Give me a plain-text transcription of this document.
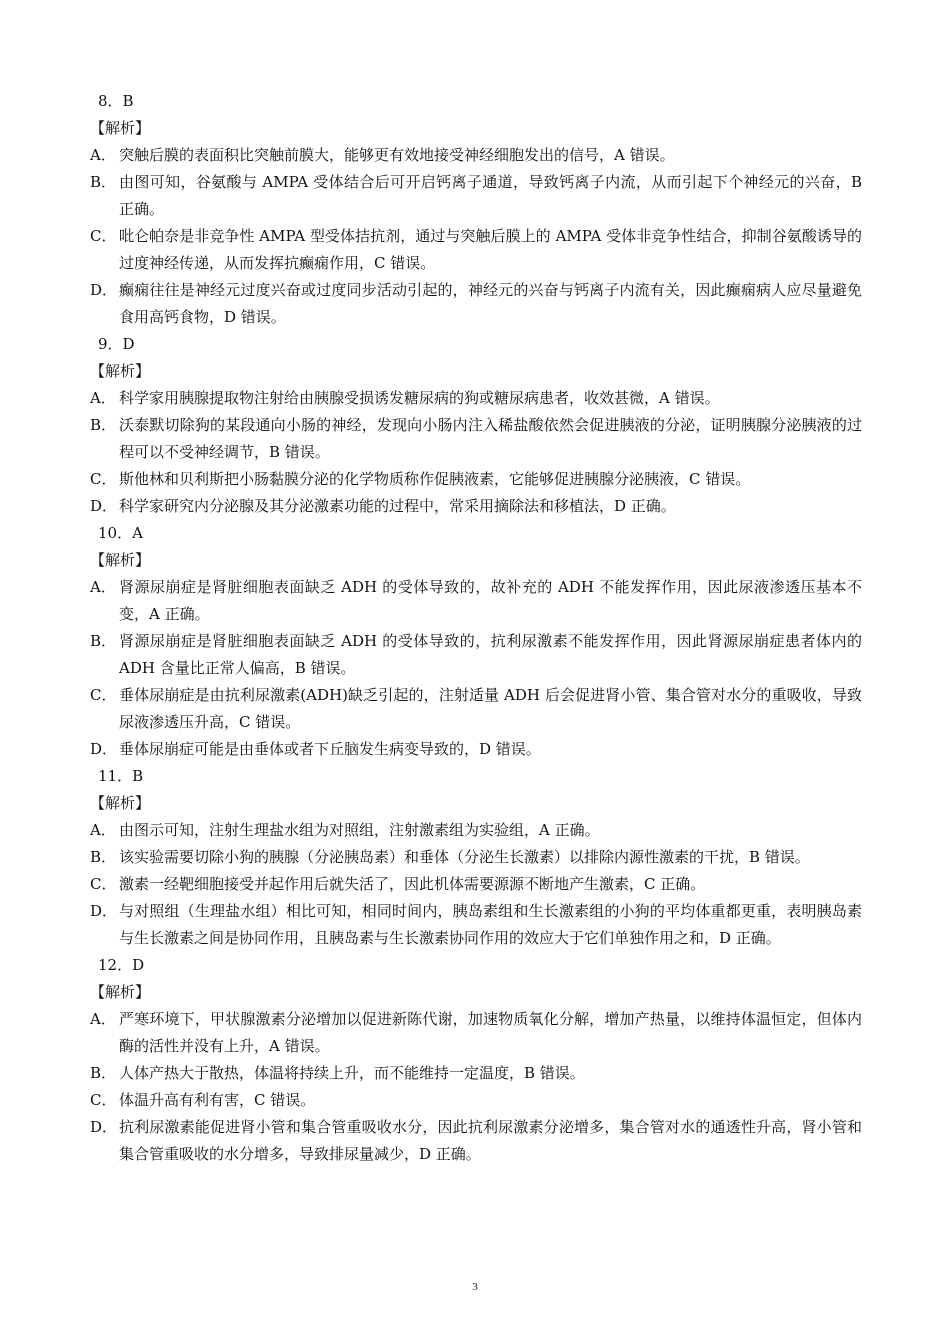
8．B
【解析】
A． 突触后膜的表面积比突触前膜大，能够更有效地接受神经细胞发出的信号，A 错误。
B． 由图可知，谷氨酸与 AMPA 受体结合后可开启钙离子通道，导致钙离子内流，从而引起下个神经元的兴奋，B 正确。
C． 吡仑帕奈是非竞争性 AMPA 型受体拮抗剂，通过与突触后膜上的 AMPA 受体非竞争性结合，抑制谷氨酸诱导的过度神经传递，从而发挥抗癫痫作用，C 错误。
D． 癫痫往往是神经元过度兴奋或过度同步活动引起的，神经元的兴奋与钙离子内流有关，因此癫痫病人应尽量避免食用高钙食物，D 错误。
9．D
【解析】
A． 科学家用胰腺提取物注射给由胰腺受损诱发糖尿病的狗或糖尿病患者，收效甚微，A 错误。
B． 沃泰默切除狗的某段通向小肠的神经，发现向小肠内注入稀盐酸依然会促进胰液的分泌，证明胰腺分泌胰液的过程可以不受神经调节，B 错误。
C． 斯他林和贝利斯把小肠黏膜分泌的化学物质称作促胰液素，它能够促进胰腺分泌胰液，C 错误。
D． 科学家研究内分泌腺及其分泌激素功能的过程中，常采用摘除法和移植法，D 正确。
10．A
【解析】
A． 肾源尿崩症是肾脏细胞表面缺乏 ADH 的受体导致的，故补充的 ADH 不能发挥作用，因此尿液渗透压基本不变，A 正确。
B． 肾源尿崩症是肾脏细胞表面缺乏 ADH 的受体导致的，抗利尿激素不能发挥作用，因此肾源尿崩症患者体内的 ADH 含量比正常人偏高，B 错误。
C． 垂体尿崩症是由抗利尿激素(ADH)缺乏引起的，注射适量 ADH 后会促进肾小管、集合管对水分的重吸收，导致尿液渗透压升高，C 错误。
D． 垂体尿崩症可能是由垂体或者下丘脑发生病变导致的，D 错误。
11．B
【解析】
A． 由图示可知，注射生理盐水组为对照组，注射激素组为实验组，A 正确。
B． 该实验需要切除小狗的胰腺（分泌胰岛素）和垂体（分泌生长激素）以排除内源性激素的干扰，B 错误。
C． 激素一经靶细胞接受并起作用后就失活了，因此机体需要源源不断地产生激素，C 正确。
D． 与对照组（生理盐水组）相比可知，相同时间内，胰岛素组和生长激素组的小狗的平均体重都更重，表明胰岛素与生长激素之间是协同作用，且胰岛素与生长激素协同作用的效应大于它们单独作用之和，D 正确。
12．D
【解析】
A． 严寒环境下，甲状腺激素分泌增加以促进新陈代谢，加速物质氧化分解，增加产热量，以维持体温恒定，但体内酶的活性并没有上升，A 错误。
B． 人体产热大于散热，体温将持续上升，而不能维持一定温度，B 错误。
C． 体温升高有利有害，C 错误。
D． 抗利尿激素能促进肾小管和集合管重吸收水分，因此抗利尿激素分泌增多，集合管对水的通透性升高，肾小管和集合管重吸收的水分增多，导致排尿量减少，D 正确。
3
